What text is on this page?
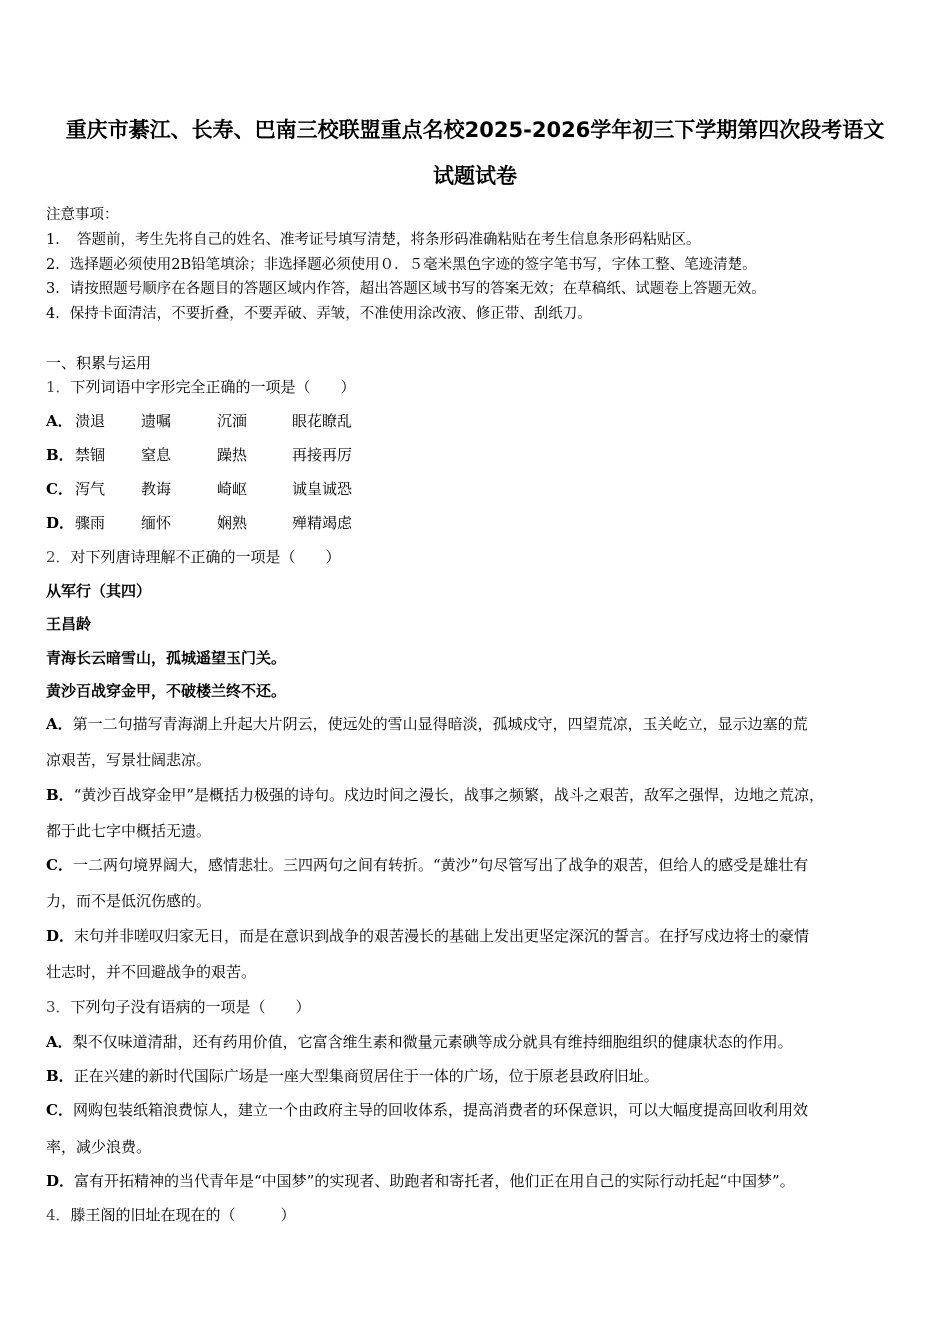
重庆市綦江、长寿、巴南三校联盟重点名校2025-2026学年初三下学期第四次段考语文
试题试卷
注意事项：
1．　答题前，考生先将自己的姓名、准考证号填写清楚，将条形码准确粘贴在考生信息条形码粘贴区。
2．选择题必须使用2B铅笔填涂；非选择题必须使用０．５毫米黑色字迹的签字笔书写，字体工整、笔迹清楚。
3．请按照题号顺序在各题目的答题区域内作答，超出答题区域书写的答案无效；在草稿纸、试题卷上答题无效。
4．保持卡面清洁，不要折叠，不要弄破、弄皱，不准使用涂改液、修正带、刮纸刀。
一、积累与运用
1．下列词语中字形完全正确的一项是（　　）
A． 溃退 遗嘱	沉湎	眼花瞭乱
B． 禁锢 窒息	躁热	再接再厉
C． 泻气 教诲	崎岖	诚皇诚恐
D． 骤雨 缅怀	娴熟	殚精竭虑
2．对下列唐诗理解不正确的一项是（　　）
从军行（其四）
王昌龄
青海长云暗雪山，孤城遥望玉门关。
黄沙百战穿金甲，不破楼兰终不还。
A．第一二句描写青海湖上升起大片阴云，使远处的雪山显得暗淡，孤城戍守，四望荒凉，玉关屹立，显示边塞的荒
凉艰苦，写景壮阔悲凉。
B．“黄沙百战穿金甲”是概括力极强的诗句。戍边时间之漫长，战事之频繁，战斗之艰苦，敌军之强悍，边地之荒凉，
都于此七字中概括无遗。
C．一二两句境界阔大，感情悲壮。三四两句之间有转折。“黄沙”句尽管写出了战争的艰苦，但给人的感受是雄壮有
力，而不是低沉伤感的。
D．末句并非嗟叹归家无日，而是在意识到战争的艰苦漫长的基础上发出更坚定深沉的誓言。在抒写戍边将士的豪情
壮志时，并不回避战争的艰苦。
3．下列句子没有语病的一项是（　　）
A．梨不仅味道清甜，还有药用价值，它富含维生素和微量元素碘等成分就具有维持细胞组织的健康状态的作用。
B．正在兴建的新时代国际广场是一座大型集商贸居住于一体的广场，位于原老县政府旧址。
C．网购包装纸箱浪费惊人，建立一个由政府主导的回收体系，提高消费者的环保意识，可以大幅度提高回收利用效
率，减少浪费。
D．富有开拓精神的当代青年是“中国梦”的实现者、助跑者和寄托者，他们正在用自己的实际行动托起“中国梦”。
4．滕王阁的旧址在现在的（　　　）
